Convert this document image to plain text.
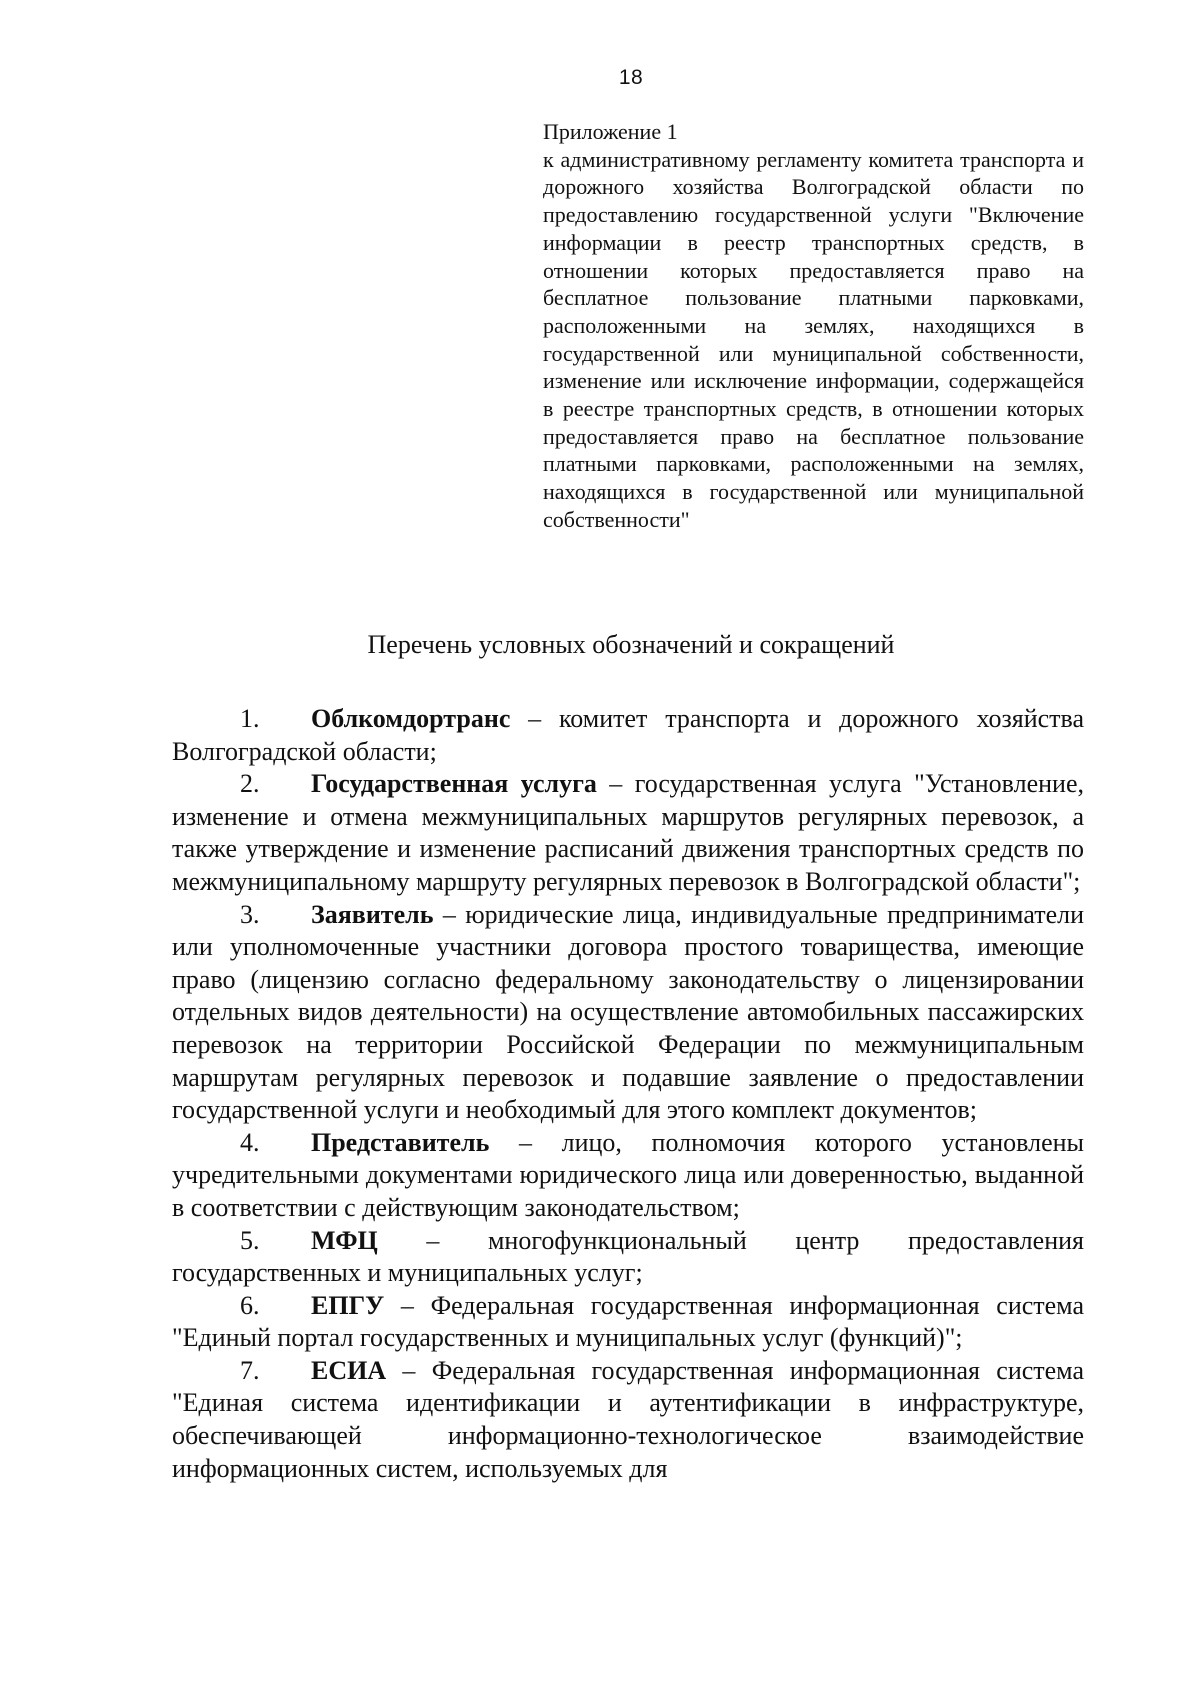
18
Приложение 1
к административному регламенту комитета транспорта и дорожного хозяйства Волгоградской области по предоставлению государственной услуги "Включение информации в реестр транспортных средств, в отношении которых предоставляется право на бесплатное пользование платными парковками, расположенными на землях, находящихся в государственной или муниципальной собственности, изменение или исключение информации, содержащейся в реестре транспортных средств, в отношении которых предоставляется право на бесплатное пользование платными парковками, расположенными на землях, находящихся в государственной или муниципальной собственности"
Перечень условных обозначений и сокращений
1. Облкомдортранс – комитет транспорта и дорожного хозяйства Волгоградской области;
2. Государственная услуга – государственная услуга "Установление, изменение и отмена межмуниципальных маршрутов регулярных перевозок, а также утверждение и изменение расписаний движения транспортных средств по межмуниципальному маршруту регулярных перевозок в Волгоградской области";
3. Заявитель – юридические лица, индивидуальные предприниматели или уполномоченные участники договора простого товарищества, имеющие право (лицензию согласно федеральному законодательству о лицензировании отдельных видов деятельности) на осуществление автомобильных пассажирских перевозок на территории Российской Федерации по межмуниципальным маршрутам регулярных перевозок и подавшие заявление о предоставлении государственной услуги и необходимый для этого комплект документов;
4. Представитель – лицо, полномочия которого установлены учредительными документами юридического лица или доверенностью, выданной в соответствии с действующим законодательством;
5. МФЦ – многофункциональный центр предоставления государственных и муниципальных услуг;
6. ЕПГУ – Федеральная государственная информационная система "Единый портал государственных и муниципальных услуг (функций)";
7. ЕСИА – Федеральная государственная информационная система "Единая система идентификации и аутентификации в инфраструктуре, обеспечивающей информационно-технологическое взаимодействие информационных систем, используемых для
